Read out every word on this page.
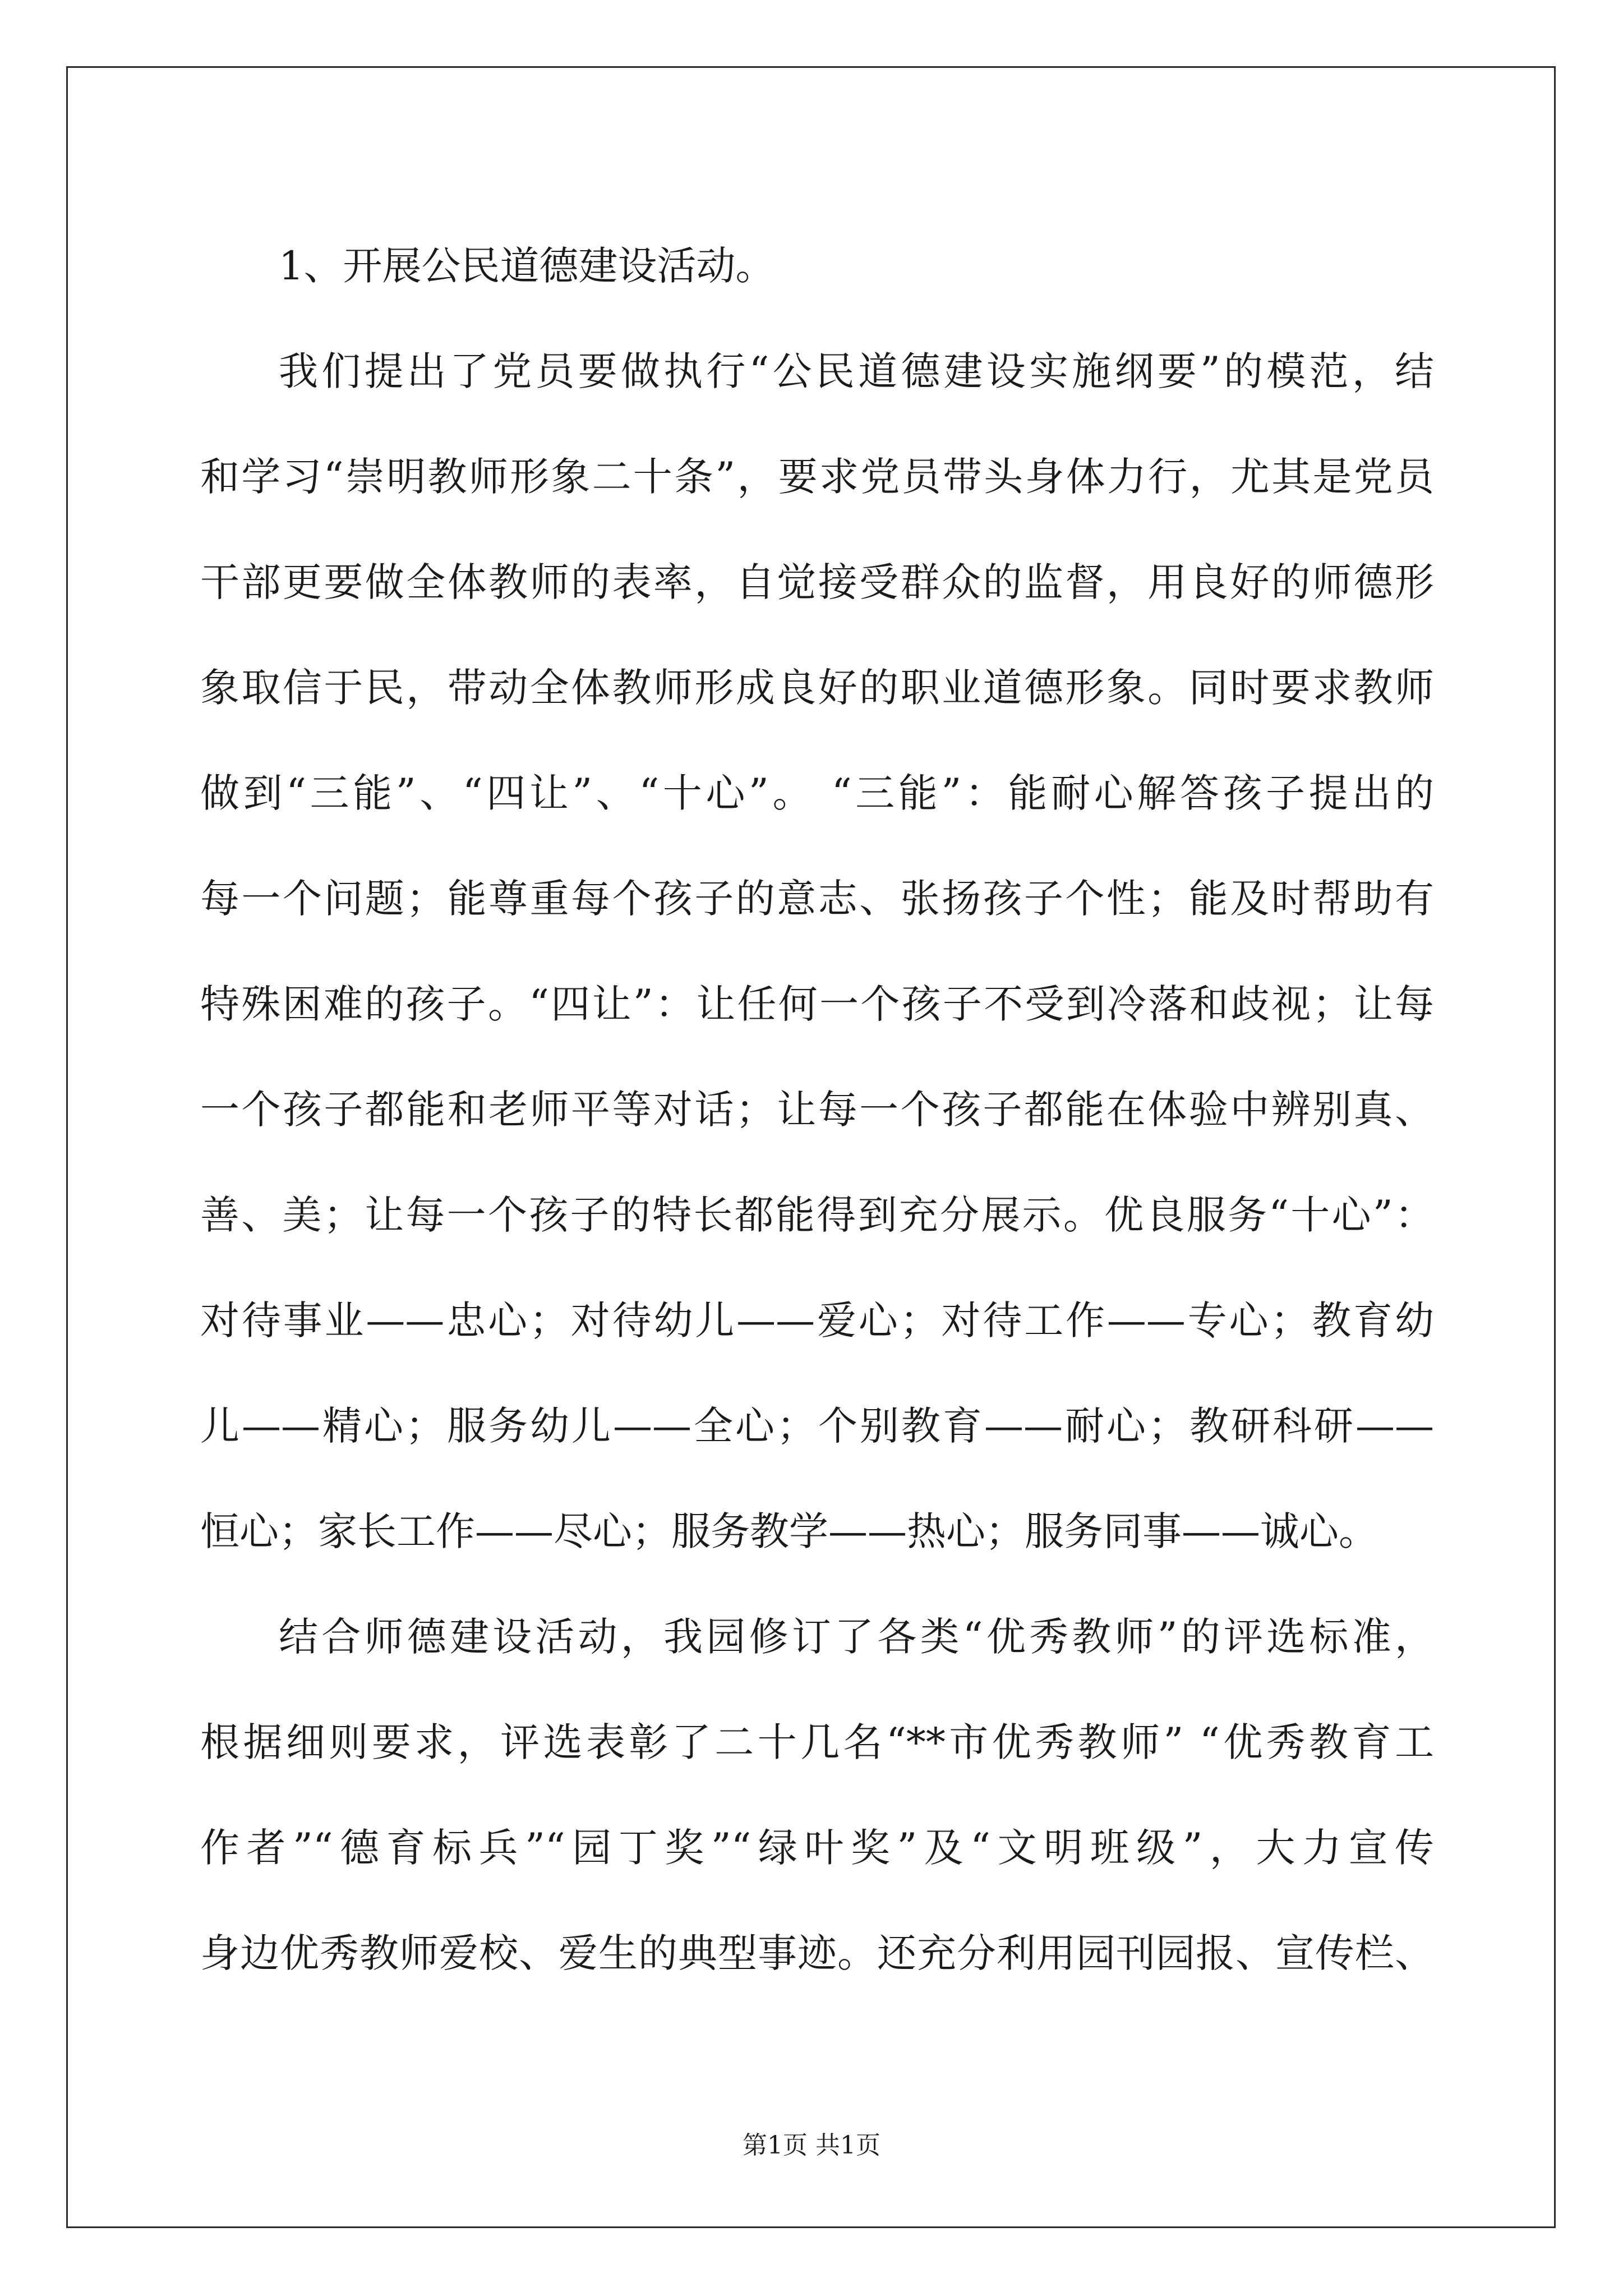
1、开展公民道德建设活动。
我们提出了党员要做执行“公民道德建设实施纲要”的模范，结
和学习“崇明教师形象二十条”，要求党员带头身体力行，尤其是党员
干部更要做全体教师的表率，自觉接受群众的监督，用良好的师德形
象取信于民，带动全体教师形成良好的职业道德形象。同时要求教师
做到“三能”、“四让”、“十心”。 “三能”：能耐心解答孩子提出的
每一个问题；能尊重每个孩子的意志、张扬孩子个性；能及时帮助有
特殊困难的孩子。“四让”：让任何一个孩子不受到冷落和歧视；让每
一个孩子都能和老师平等对话；让每一个孩子都能在体验中辨别真、
善、美；让每一个孩子的特长都能得到充分展示。优良服务“十心”：
对待事业——忠心；对待幼儿——爱心；对待工作——专心；教育幼
儿——精心；服务幼儿——全心；个别教育——耐心；教研科研——
恒心；家长工作——尽心；服务教学——热心；服务同事——诚心。
结合师德建设活动，我园修订了各类“优秀教师”的评选标准，
根据细则要求，评选表彰了二十几名“**市优秀教师” “优秀教育工
作者”“德育标兵”“园丁奖”“绿叶奖”及“文明班级”，大力宣传
身边优秀教师爱校、爱生的典型事迹。还充分利用园刊园报、宣传栏、
第1页 共1页
